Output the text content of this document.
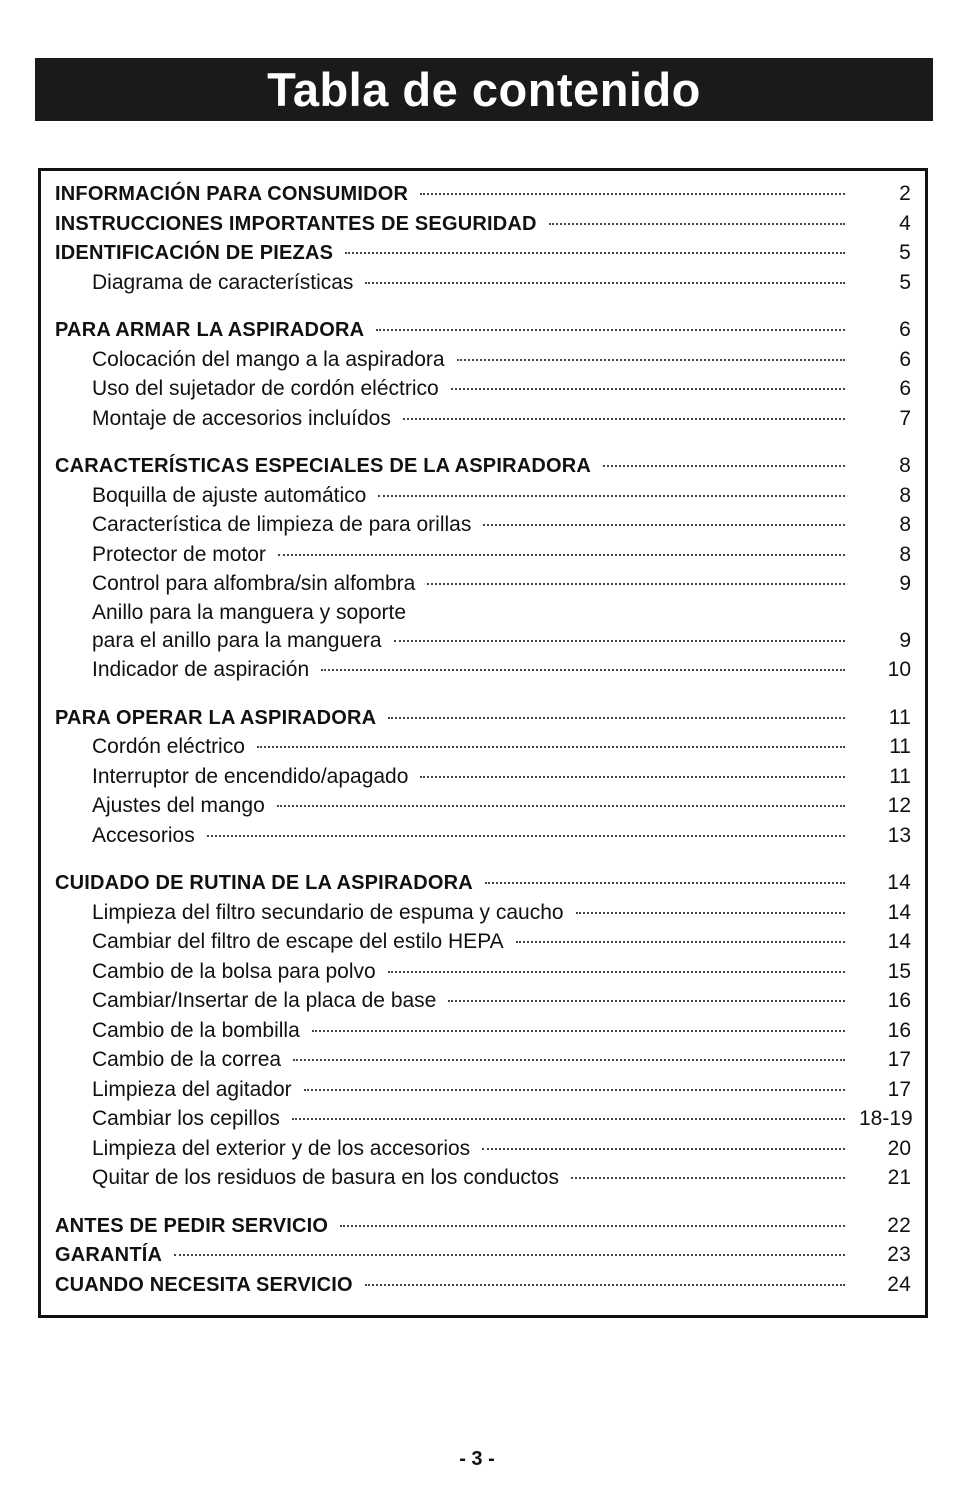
Tabla de contenido
INFORMACIÓN PARA CONSUMIDOR	2
INSTRUCCIONES IMPORTANTES DE SEGURIDAD	4
IDENTIFICACIÓN DE PIEZAS	5
Diagrama de características	5
PARA ARMAR LA ASPIRADORA	6
Colocación del mango a la aspiradora	6
Uso del sujetador de cordón eléctrico	6
Montaje de accesorios incluídos	7
CARACTERÍSTICAS ESPECIALES DE LA ASPIRADORA	8
Boquilla de ajuste automático	8
Característica de limpieza de para orillas	8
Protector de motor	8
Control para alfombra/sin alfombra	9
Anillo para la manguera y soporte
para el anillo para la manguera	9
Indicador de aspiración	10
PARA OPERAR LA ASPIRADORA	11
Cordón eléctrico	11
Interruptor de encendido/apagado	11
Ajustes del mango	12
Accesorios	13
CUIDADO DE RUTINA DE LA ASPIRADORA	14
Limpieza del filtro secundario de espuma y caucho	14
Cambiar del filtro de escape del estilo HEPA	14
Cambio de la bolsa para polvo	15
Cambiar/Insertar de la placa de base	16
Cambio de la bombilla	16
Cambio de la correa	17
Limpieza del agitador	17
Cambiar los cepillos	18-19
Limpieza del exterior y de los accesorios	20
Quitar de los residuos de basura en los conductos	21
ANTES DE PEDIR SERVICIO	22
GARANTÍA	23
CUANDO NECESITA SERVICIO	24
- 3 -
